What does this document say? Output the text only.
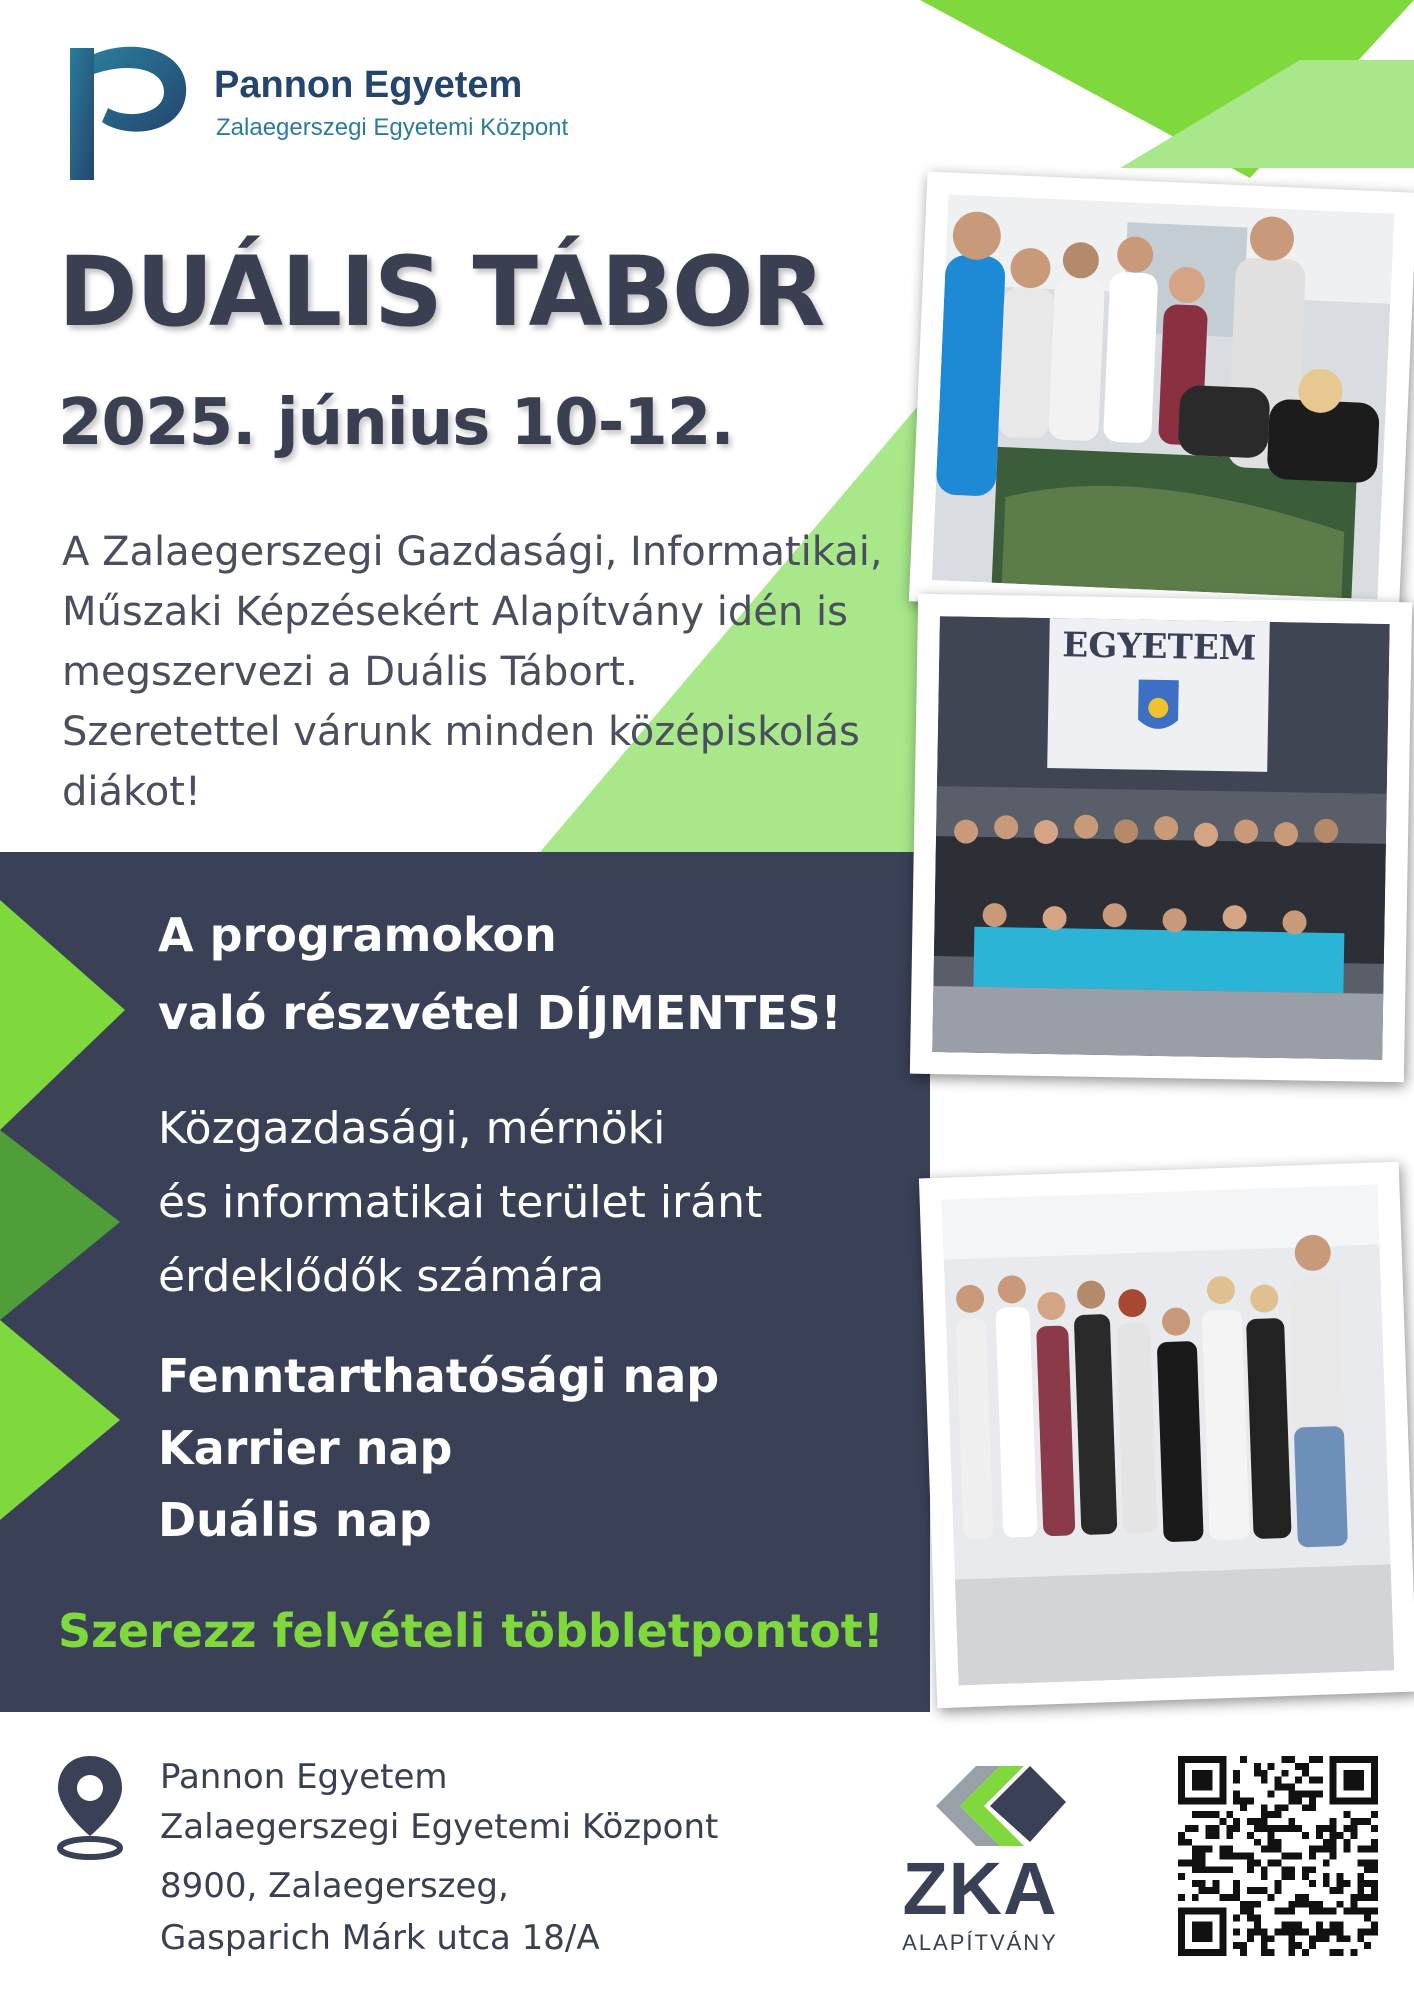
Pannon Egyetem
Zalaegerszegi Egyetemi Központ
DUÁLIS TÁBOR
2025. június 10-12.
A Zalaegerszegi Gazdasági, Informatikai,
Műszaki Képzésekért Alapítvány idén is
megszervezi a Duális Tábort.
Szeretettel várunk minden középiskolás
diákot!
A programokon
való részvétel DÍJMENTES!
Közgazdasági, mérnöki
és informatikai terület iránt
érdeklődők számára
Fenntarthatósági nap
Karrier nap
Duális nap
Szerezz felvételi többletpontot!
EGYETEM
Pannon Egyetem
Zalaegerszegi Egyetemi Központ
8900, Zalaegerszeg,
Gasparich Márk utca 18/A
ZKA
ALAPÍTVÁNY
